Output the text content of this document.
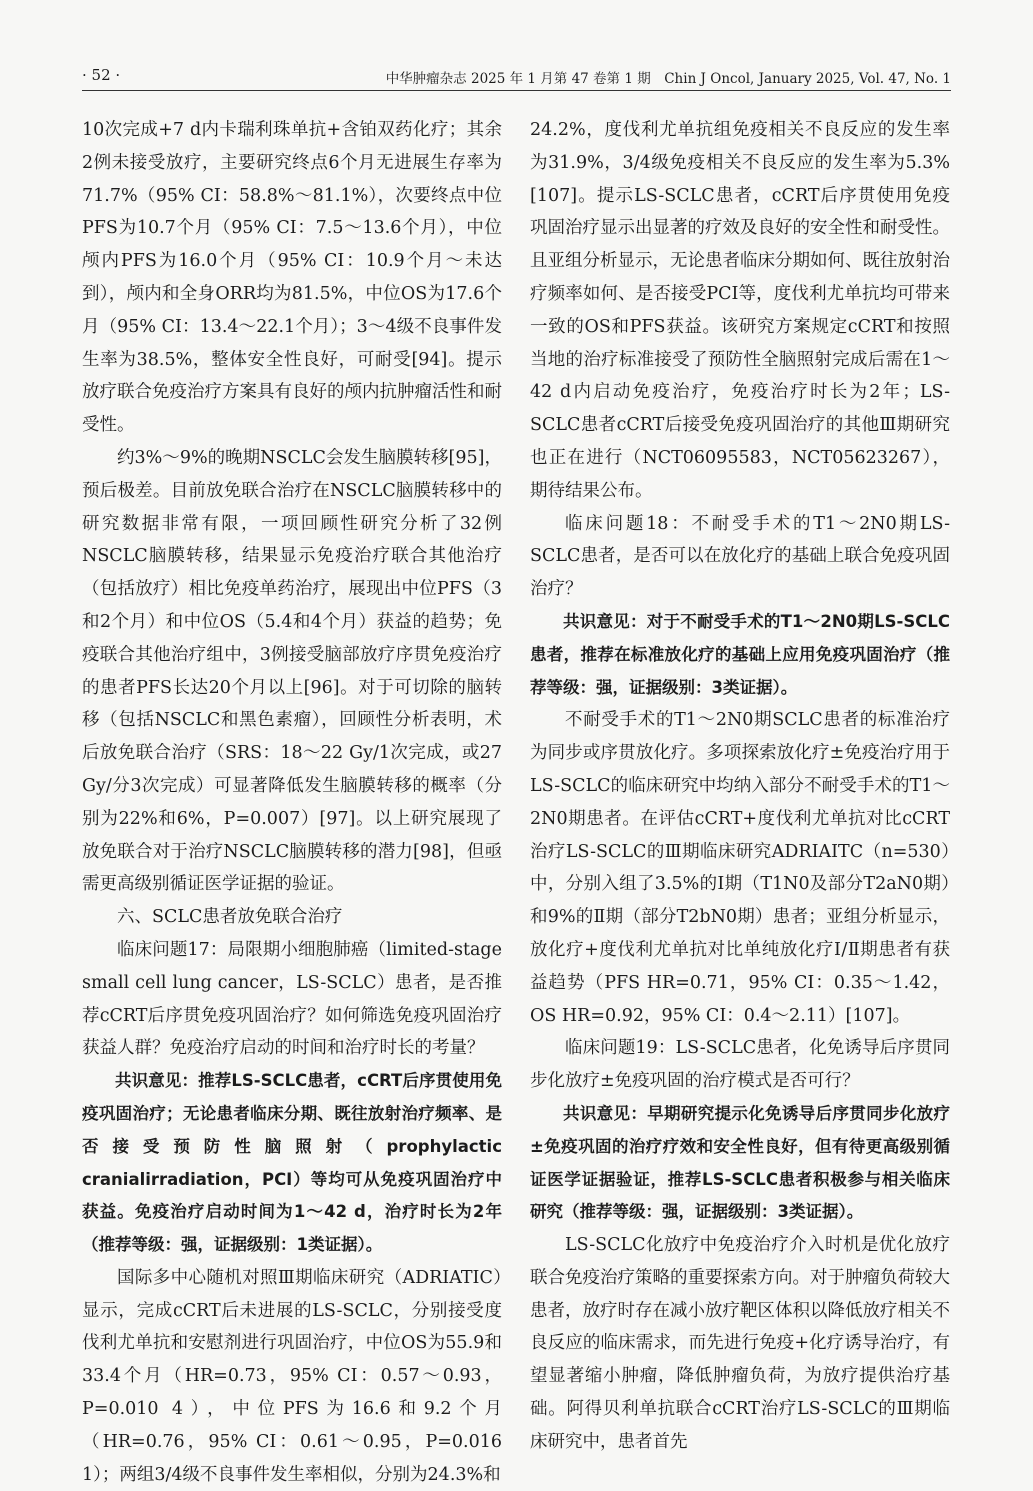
· 52 ·	中华肿瘤杂志 2025 年 1 月第 47 卷第 1 期　Chin J Oncol, January 2025, Vol. 47, No. 1

10次完成+7 d内卡瑞利珠单抗+含铂双药化疗；其余2例未接受放疗，主要研究终点6个月无进展生存率为71.7%（95% CI：58.8%～81.1%），次要终点中位PFS为10.7个月（95% CI：7.5～13.6个月），中位颅内PFS为16.0个月（95% CI：10.9个月～未达到），颅内和全身ORR均为81.5%，中位OS为17.6个月（95% CI：13.4～22.1个月）；3～4级不良事件发生率为38.5%，整体安全性良好，可耐受[94]。提示放疗联合免疫治疗方案具有良好的颅内抗肿瘤活性和耐受性。

约3%～9%的晚期NSCLC会发生脑膜转移[95]，预后极差。目前放免联合治疗在NSCLC脑膜转移中的研究数据非常有限，一项回顾性研究分析了32例NSCLC脑膜转移，结果显示免疫治疗联合其他治疗（包括放疗）相比免疫单药治疗，展现出中位PFS（3和2个月）和中位OS（5.4和4个月）获益的趋势；免疫联合其他治疗组中，3例接受脑部放疗序贯免疫治疗的患者PFS长达20个月以上[96]。对于可切除的脑转移（包括NSCLC和黑色素瘤），回顾性分析表明，术后放免联合治疗（SRS：18～22 Gy/1次完成，或27 Gy/分3次完成）可显著降低发生脑膜转移的概率（分别为22%和6%，P=0.007）[97]。以上研究展现了放免联合对于治疗NSCLC脑膜转移的潜力[98]，但亟需更高级别循证医学证据的验证。

六、SCLC患者放免联合治疗

临床问题17：局限期小细胞肺癌（limited-stage small cell lung cancer，LS-SCLC）患者，是否推荐cCRT后序贯免疫巩固治疗？如何筛选免疫巩固治疗获益人群？免疫治疗启动的时间和治疗时长的考量？

共识意见：推荐LS-SCLC患者，cCRT后序贯使用免疫巩固治疗；无论患者临床分期、既往放射治疗频率、是否接受预防性脑照射（prophylactic cranialirradiation，PCI）等均可从免疫巩固治疗中获益。免疫治疗启动时间为1～42 d，治疗时长为2年（推荐等级：强，证据级别：1类证据）。

国际多中心随机对照Ⅲ期临床研究（ADRIATIC）显示，完成cCRT后未进展的LS-SCLC，分别接受度伐利尤单抗和安慰剂进行巩固治疗，中位OS为55.9和33.4个月（HR=0.73，95% CI：0.57～0.93，P=0.010 4），中位PFS为16.6和9.2个月（HR=0.76，95% CI：0.61～0.95，P=0.016 1）；两组3/4级不良事件发生率相似，分别为24.3%和

24.2%，度伐利尤单抗组免疫相关不良反应的发生率为31.9%，3/4级免疫相关不良反应的发生率为5.3%[107]。提示LS-SCLC患者，cCRT后序贯使用免疫巩固治疗显示出显著的疗效及良好的安全性和耐受性。且亚组分析显示，无论患者临床分期如何、既往放射治疗频率如何、是否接受PCI等，度伐利尤单抗均可带来一致的OS和PFS获益。该研究方案规定cCRT和按照当地的治疗标准接受了预防性全脑照射完成后需在1～42 d内启动免疫治疗，免疫治疗时长为2年；LS-SCLC患者cCRT后接受免疫巩固治疗的其他Ⅲ期研究也正在进行（NCT06095583，NCT05623267），期待结果公布。

临床问题18：不耐受手术的T1～2N0期LS-SCLC患者，是否可以在放化疗的基础上联合免疫巩固治疗？

共识意见：对于不耐受手术的T1～2N0期LS-SCLC患者，推荐在标准放化疗的基础上应用免疫巩固治疗（推荐等级：强，证据级别：3类证据）。

不耐受手术的T1～2N0期SCLC患者的标准治疗为同步或序贯放化疗。多项探索放化疗±免疫治疗用于LS-SCLC的临床研究中均纳入部分不耐受手术的T1～2N0期患者。在评估cCRT+度伐利尤单抗对比cCRT治疗LS-SCLC的Ⅲ期临床研究ADRIAITC（n=530）中，分别入组了3.5%的Ⅰ期（T1N0及部分T2aN0期）和9%的Ⅱ期（部分T2bN0期）患者；亚组分析显示，放化疗+度伐利尤单抗对比单纯放化疗Ⅰ/Ⅱ期患者有获益趋势（PFS HR=0.71，95% CI：0.35～1.42，OS HR=0.92，95% CI：0.4～2.11）[107]。

临床问题19：LS-SCLC患者，化免诱导后序贯同步化放疗±免疫巩固的治疗模式是否可行？

共识意见：早期研究提示化免诱导后序贯同步化放疗±免疫巩固的治疗疗效和安全性良好，但有待更高级别循证医学证据验证，推荐LS-SCLC患者积极参与相关临床研究（推荐等级：强，证据级别：3类证据）。

LS-SCLC化放疗中免疫治疗介入时机是优化放疗联合免疫治疗策略的重要探索方向。对于肿瘤负荷较大患者，放疗时存在减小放疗靶区体积以降低放疗相关不良反应的临床需求，而先进行免疫+化疗诱导治疗，有望显著缩小肿瘤，降低肿瘤负荷，为放疗提供治疗基础。阿得贝利单抗联合cCRT治疗LS-SCLC的Ⅲ期临床研究中，患者首先
